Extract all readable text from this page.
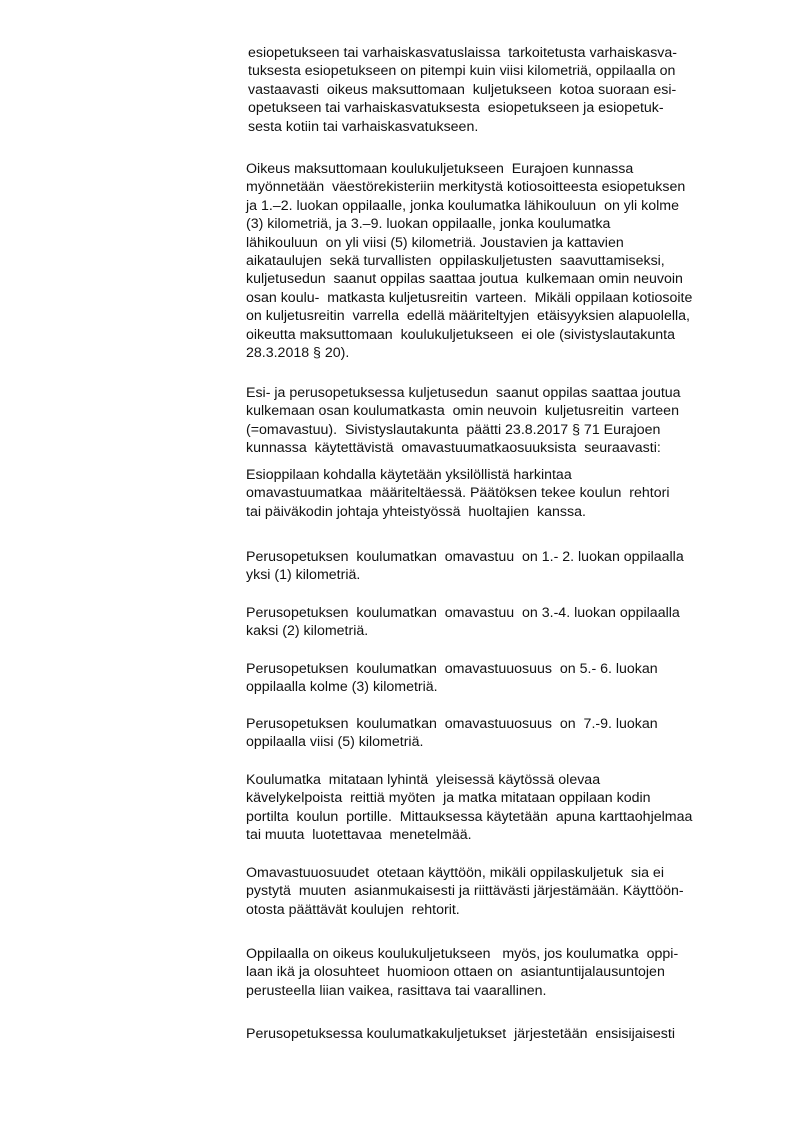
esiopetukseen tai varhaiskasvatuslaissa  tarkoitetusta varhaiskasva-
tuksesta esiopetukseen on pitempi kuin viisi kilometriä, oppilaalla on
vastaavasti  oikeus maksuttomaan  kuljetukseen  kotoa suoraan esi-
opetukseen tai varhaiskasvatuksesta  esiopetukseen ja esiopetuk-
sesta kotiin tai varhaiskasvatukseen.
Oikeus maksuttomaan koulukuljetukseen  Eurajoen kunnassa
myönnetään  väestörekisteriin merkitystä kotiosoitteesta esiopetuksen
ja 1.–2. luokan oppilaalle, jonka koulumatka lähikouluun  on yli kolme
(3) kilometriä, ja 3.–9. luokan oppilaalle, jonka koulumatka
lähikouluun  on yli viisi (5) kilometriä. Joustavien ja kattavien
aikataulujen  sekä turvallisten  oppilaskuljetusten  saavuttamiseksi,
kuljetusedun  saanut oppilas saattaa joutua  kulkemaan omin neuvoin
osan koulu-  matkasta kuljetusreitin  varteen.  Mikäli oppilaan kotiosoite
on kuljetusreitin  varrella  edellä määriteltyjen  etäisyyksien alapuolella,
oikeutta maksuttomaan  koulukuljetukseen  ei ole (sivistyslautakunta
28.3.2018 § 20).
Esi- ja perusopetuksessa kuljetusedun  saanut oppilas saattaa joutua
kulkemaan osan koulumatkasta  omin neuvoin  kuljetusreitin  varteen
(=omavastuu).  Sivistyslautakunta  päätti 23.8.2017 § 71 Eurajoen
kunnassa  käytettävistä  omavastuumatkaosuuksista  seuraavasti:
Esioppilaan kohdalla käytetään yksilöllistä harkintaa
omavastuumatkaa  määriteltäessä. Päätöksen tekee koulun  rehtori
tai päiväkodin johtaja yhteistyössä  huoltajien  kanssa.
Perusopetuksen  koulumatkan  omavastuu  on 1.- 2. luokan oppilaalla
yksi (1) kilometriä.
Perusopetuksen  koulumatkan  omavastuu  on 3.-4. luokan oppilaalla
kaksi (2) kilometriä.
Perusopetuksen  koulumatkan  omavastuuosuus  on 5.- 6. luokan
oppilaalla kolme (3) kilometriä.
Perusopetuksen  koulumatkan  omavastuuosuus  on  7.-9. luokan
oppilaalla viisi (5) kilometriä.
Koulumatka  mitataan lyhintä  yleisessä käytössä olevaa
kävelykelpoista  reittiä myöten  ja matka mitataan oppilaan kodin
portilta  koulun  portille.  Mittauksessa käytetään  apuna karttaohjelmaa
tai muuta  luotettavaa  menetelmää.
Omavastuuosuudet  otetaan käyttöön, mikäli oppilaskuljetuk  sia ei
pystytä  muuten  asianmukaisesti ja riittävästi järjestämään. Käyttöön-
otosta päättävät koulujen  rehtorit.
Oppilaalla on oikeus koulukuljetukseen   myös, jos koulumatka  oppi-
laan ikä ja olosuhteet  huomioon ottaen on  asiantuntijalausuntojen
perusteella liian vaikea, rasittava tai vaarallinen.
Perusopetuksessa koulumatkakuljetukset  järjestetään  ensisijaisesti
